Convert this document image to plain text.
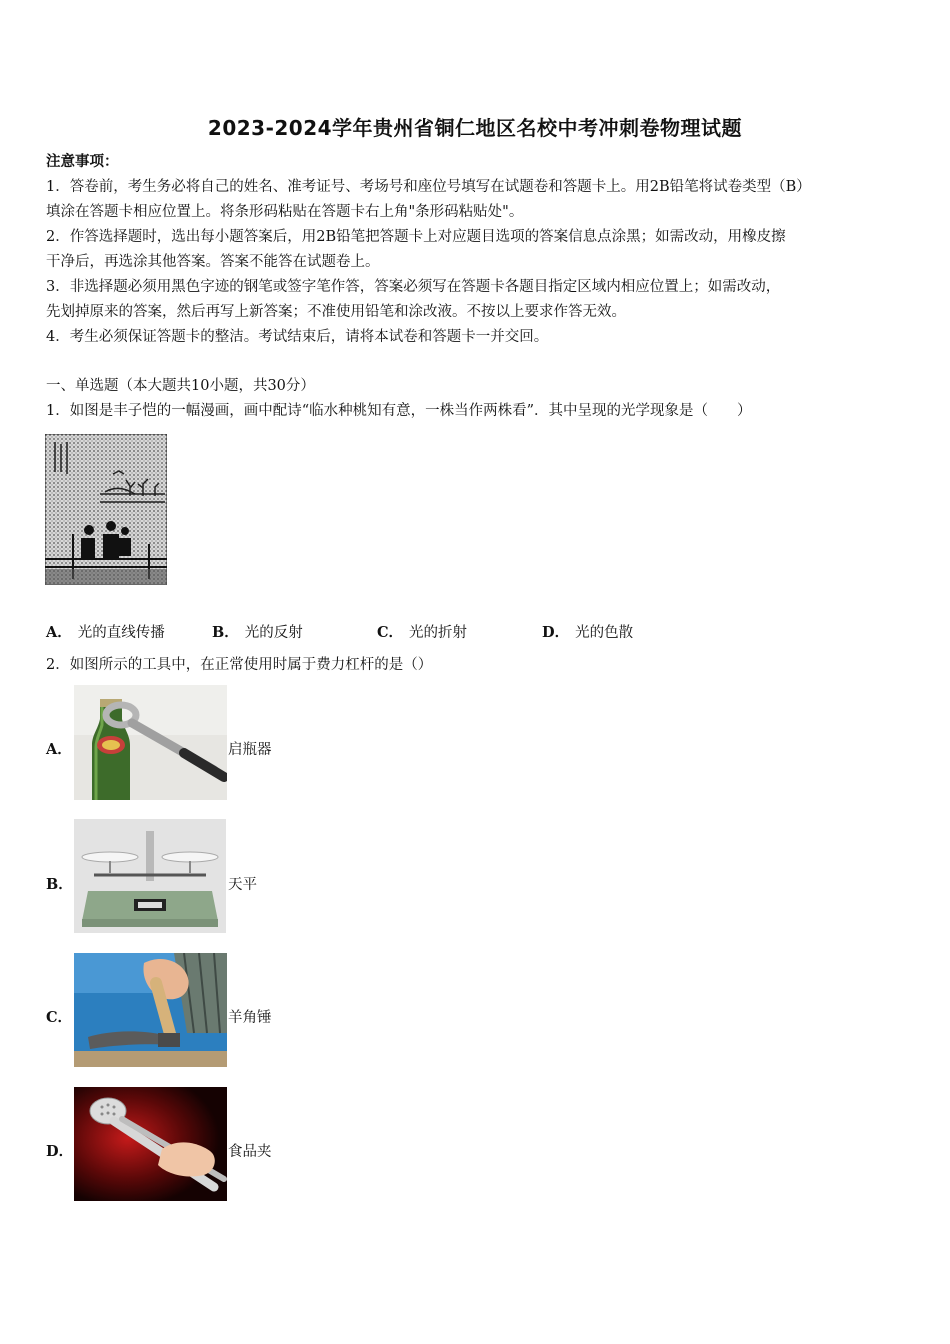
2023-2024学年贵州省铜仁地区名校中考冲刺卷物理试题
注意事项：
1．答卷前，考生务必将自己的姓名、准考证号、考场号和座位号填写在试题卷和答题卡上。用2B铅笔将试卷类型（B）
填涂在答题卡相应位置上。将条形码粘贴在答题卡右上角"条形码粘贴处"。
2．作答选择题时，选出每小题答案后，用2B铅笔把答题卡上对应题目选项的答案信息点涂黑；如需改动，用橡皮擦
干净后，再选涂其他答案。答案不能答在试题卷上。
3．非选择题必须用黑色字迹的钢笔或签字笔作答，答案必须写在答题卡各题目指定区域内相应位置上；如需改动，
先划掉原来的答案，然后再写上新答案；不准使用铅笔和涂改液。不按以上要求作答无效。
4．考生必须保证答题卡的整洁。考试结束后，请将本试卷和答题卡一并交回。
一、单选题（本大题共10小题，共30分）
1．如图是丰子恺的一幅漫画，画中配诗“临水种桃知有意，一株当作两株看”．其中呈现的光学现象是（　　）
A． 光的直线传播	B． 光的反射	C． 光的折射	D． 光的色散
2．如图所示的工具中，在正常使用时属于费力杠杆的是（）
A．	启瓶器
B．	天平
C．	羊角锤
D．	食品夹
